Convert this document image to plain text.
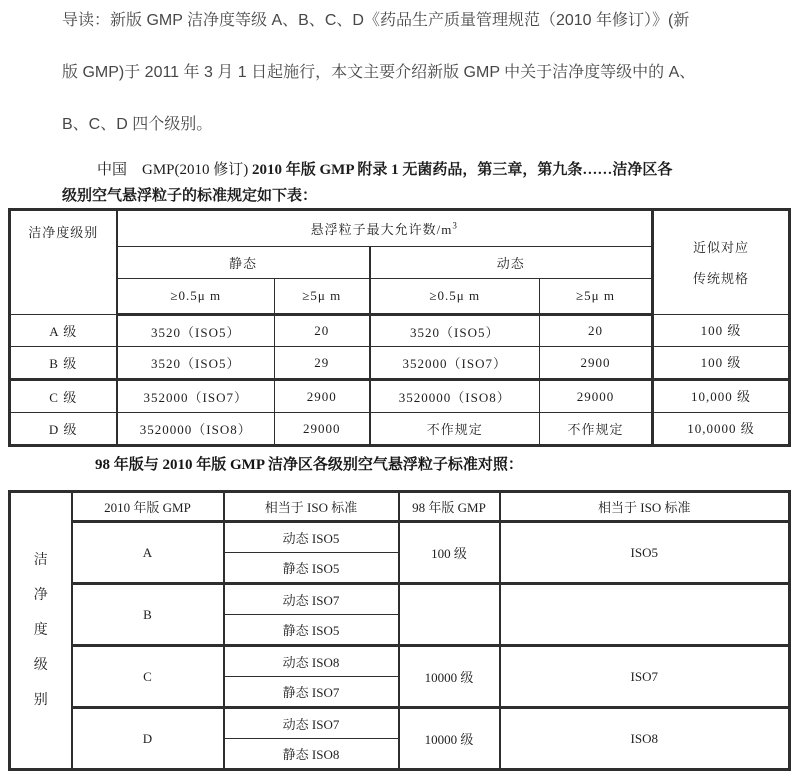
导读：新版 GMP 洁净度等级 A、B、C、D《药品生产质量管理规范（2010 年修订）》(新
版 GMP)于 2011 年 3 月 1 日起施行，本文主要介绍新版 GMP 中关于洁净度等级中的 A、
B、C、D 四个级别。
中国　GMP(2010 修订) 2010 年版 GMP 附录 1 无菌药品，第三章，第九条……洁净区各
级别空气悬浮粒子的标准规定如下表：
洁净度级别	悬浮粒子最大允许数$/m^3$				近似对应
传统规格

	静态		动态		
	≥0.5μ m	≥5μ m	≥0.5μ m	≥5μ m	
A 级	3520（ISO5）	20	3520（ISO5）	20	100 级
B 级	3520（ISO5）	29	352000（ISO7）	2900	100 级
C 级	352000（ISO7）	2900	3520000（ISO8）	29000	10,000 级
D 级	3520000（ISO8）	29000	不作规定	不作规定	10,0000 级
98 年版与 2010 年版 GMP 洁净区各级别空气悬浮粒子标准对照：
洁净度级别	2010 年版 GMP	相当于 ISO 标准	98 年版 GMP	相当于 ISO 标准
	A	动态 ISO5	100 级	ISO5
		静态 ISO5		
	B	动态 ISO7		
		静态 ISO5		
	C	动态 ISO8	10000 级	ISO7
		静态 ISO7		
	D	动态 ISO7	10000 级	ISO8
		静态 ISO8		
